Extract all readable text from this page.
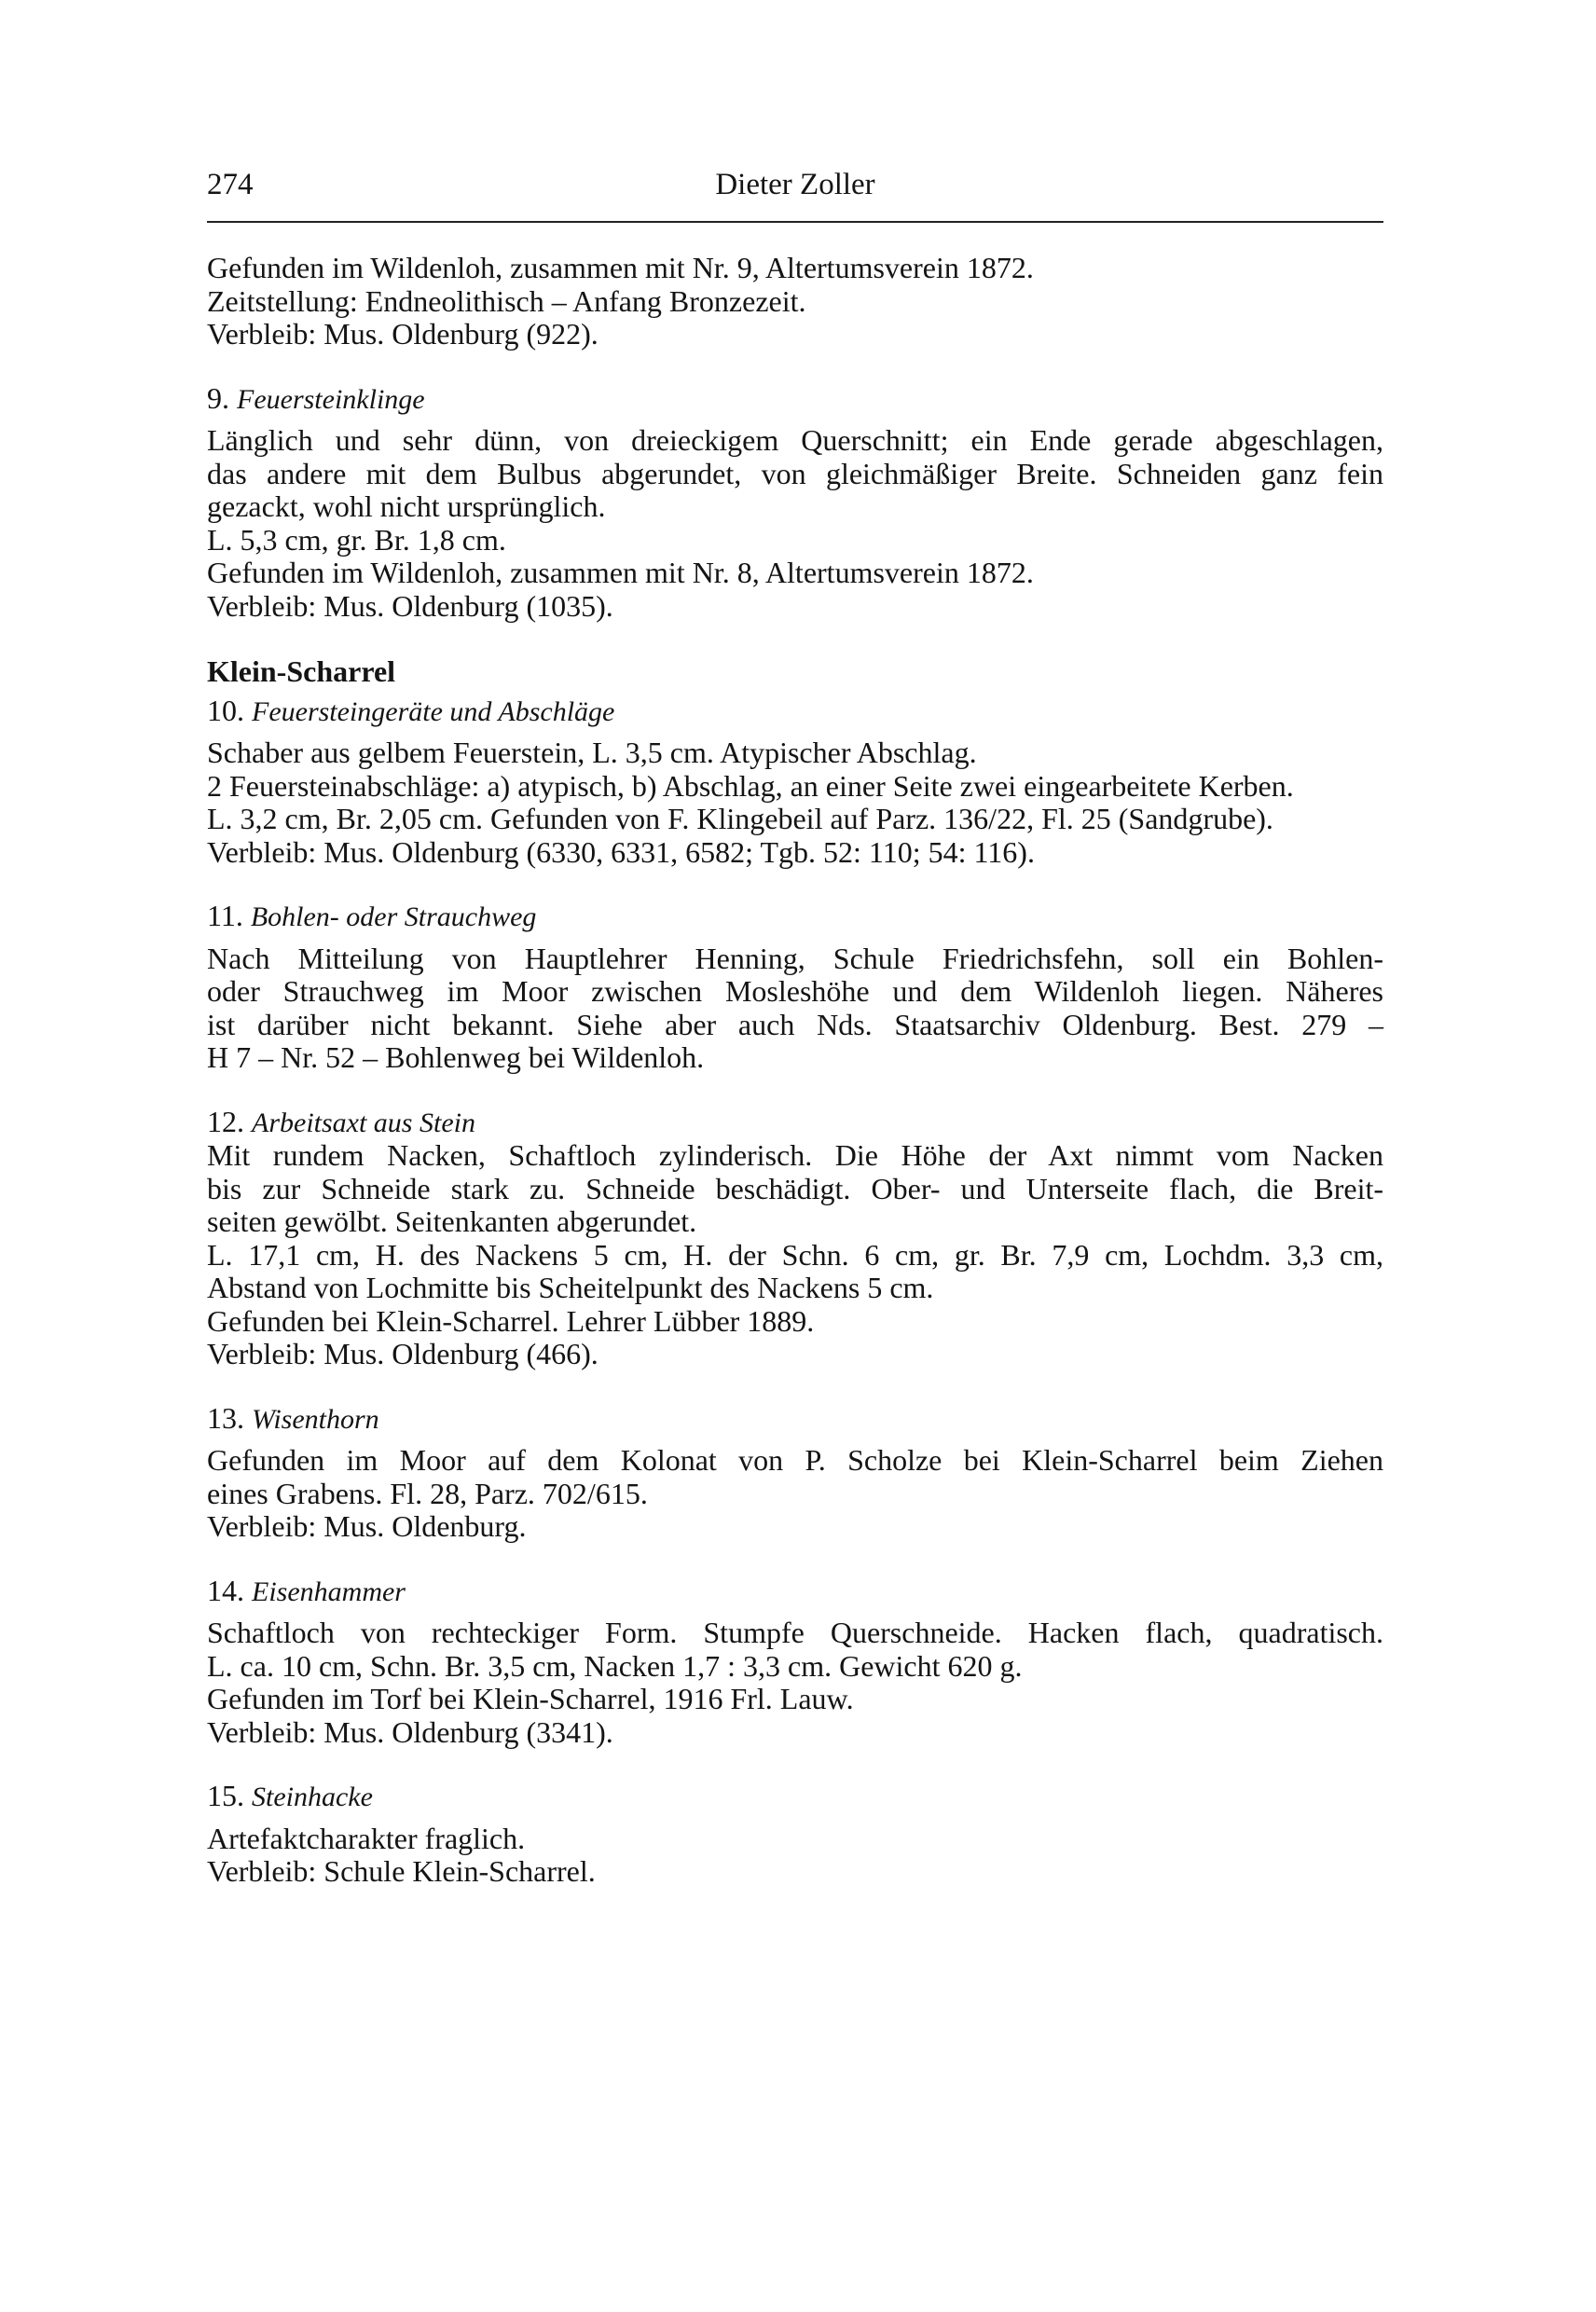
274	Dieter Zoller
Gefunden im Wildenloh, zusammen mit Nr. 9, Altertumsverein 1872.
Zeitstellung: Endneolithisch – Anfang Bronzezeit.
Verbleib: Mus. Oldenburg (922).
9. Feuersteinklinge
Länglich und sehr dünn, von dreieckigem Querschnitt; ein Ende gerade abgeschlagen,
das andere mit dem Bulbus abgerundet, von gleichmäßiger Breite. Schneiden ganz fein
gezackt, wohl nicht ursprünglich.
L. 5,3 cm, gr. Br. 1,8 cm.
Gefunden im Wildenloh, zusammen mit Nr. 8, Altertumsverein 1872.
Verbleib: Mus. Oldenburg (1035).
Klein-Scharrel
10. Feuersteingeräte und Abschläge
Schaber aus gelbem Feuerstein, L. 3,5 cm. Atypischer Abschlag.
2 Feuersteinabschläge: a) atypisch, b) Abschlag, an einer Seite zwei eingearbeitete Kerben.
L. 3,2 cm, Br. 2,05 cm. Gefunden von F. Klingebeil auf Parz. 136/22, Fl. 25 (Sandgrube).
Verbleib: Mus. Oldenburg (6330, 6331, 6582; Tgb. 52: 110; 54: 116).
11. Bohlen- oder Strauchweg
Nach Mitteilung von Hauptlehrer Henning, Schule Friedrichsfehn, soll ein Bohlen-
oder Strauchweg im Moor zwischen Mosleshöhe und dem Wildenloh liegen. Näheres
ist darüber nicht bekannt. Siehe aber auch Nds. Staatsarchiv Oldenburg. Best. 279 –
H 7 – Nr. 52 – Bohlenweg bei Wildenloh.
12. Arbeitsaxt aus Stein
Mit rundem Nacken, Schaftloch zylinderisch. Die Höhe der Axt nimmt vom Nacken
bis zur Schneide stark zu. Schneide beschädigt. Ober- und Unterseite flach, die Breit-
seiten gewölbt. Seitenkanten abgerundet.
L. 17,1 cm, H. des Nackens 5 cm, H. der Schn. 6 cm, gr. Br. 7,9 cm, Lochdm. 3,3 cm,
Abstand von Lochmitte bis Scheitelpunkt des Nackens 5 cm.
Gefunden bei Klein-Scharrel. Lehrer Lübber 1889.
Verbleib: Mus. Oldenburg (466).
13. Wisenthorn
Gefunden im Moor auf dem Kolonat von P. Scholze bei Klein-Scharrel beim Ziehen
eines Grabens. Fl. 28, Parz. 702/615.
Verbleib: Mus. Oldenburg.
14. Eisenhammer
Schaftloch von rechteckiger Form. Stumpfe Querschneide. Hacken flach, quadratisch.
L. ca. 10 cm, Schn. Br. 3,5 cm, Nacken 1,7 : 3,3 cm. Gewicht 620 g.
Gefunden im Torf bei Klein-Scharrel, 1916 Frl. Lauw.
Verbleib: Mus. Oldenburg (3341).
15. Steinhacke
Artefaktcharakter fraglich.
Verbleib: Schule Klein-Scharrel.
